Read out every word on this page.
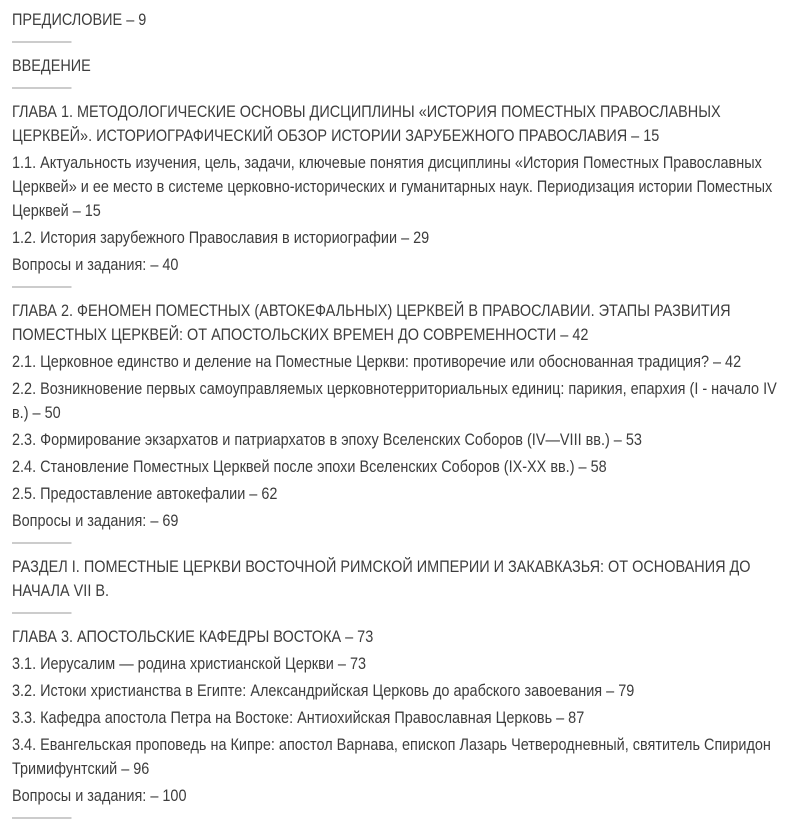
ПРЕДИСЛОВИЕ – 9

ВВЕДЕНИЕ

ГЛАВА 1. МЕТОДОЛОГИЧЕСКИЕ ОСНОВЫ ДИСЦИПЛИНЫ «ИСТОРИЯ ПОМЕСТНЫХ ПРАВОСЛАВНЫХ ЦЕРКВЕЙ». ИСТОРИОГРАФИЧЕСКИЙ ОБЗОР ИСТОРИИ ЗАРУБЕЖНОГО ПРАВОСЛАВИЯ – 15

1.1. Актуальность изучения, цель, задачи, ключевые понятия дисциплины «История Поместных Православных Церквей» и ее место в системе церковно-исторических и гуманитарных наук. Периодизация истории Поместных Церквей – 15

1.2. История зарубежного Православия в историографии – 29

Вопросы и задания: – 40

ГЛАВА 2. ФЕНОМЕН ПОМЕСТНЫХ (АВТОКЕФАЛЬНЫХ) ЦЕРКВЕЙ В ПРАВОСЛАВИИ. ЭТАПЫ РАЗВИТИЯ ПОМЕСТНЫХ ЦЕРКВЕЙ: ОТ АПОСТОЛЬСКИХ ВРЕМЕН ДО СОВРЕМЕННОСТИ – 42

2.1. Церковное единство и деление на Поместные Церкви: противоречие или обоснованная традиция? – 42

2.2. Возникновение первых самоуправляемых церковнотерриториальных единиц: парикия, епархия (I - начало IV в.) – 50

2.3. Формирование экзархатов и патриархатов в эпоху Вселенских Соборов (IV—VIII вв.) – 53

2.4. Становление Поместных Церквей после эпохи Вселенских Соборов (IX-XX вв.) – 58

2.5. Предоставление автокефалии – 62

Вопросы и задания: – 69

РАЗДЕЛ I. ПОМЕСТНЫЕ ЦЕРКВИ ВОСТОЧНОЙ РИМСКОЙ ИМПЕРИИ И ЗАКАВКАЗЬЯ: ОТ ОСНОВАНИЯ ДО НАЧАЛА VII В.

ГЛАВА 3. АПОСТОЛЬСКИЕ КАФЕДРЫ ВОСТОКА – 73

3.1. Иерусалим — родина христианской Церкви – 73

3.2. Истоки христианства в Египте: Александрийская Церковь до арабского завоевания – 79

3.3. Кафедра апостола Петра на Востоке: Антиохийская Православная Церковь – 87

3.4. Евангельская проповедь на Кипре: апостол Варнава, епископ Лазарь Четверодневный, святитель Спиридон Тримифунтский – 96

Вопросы и задания: – 100
